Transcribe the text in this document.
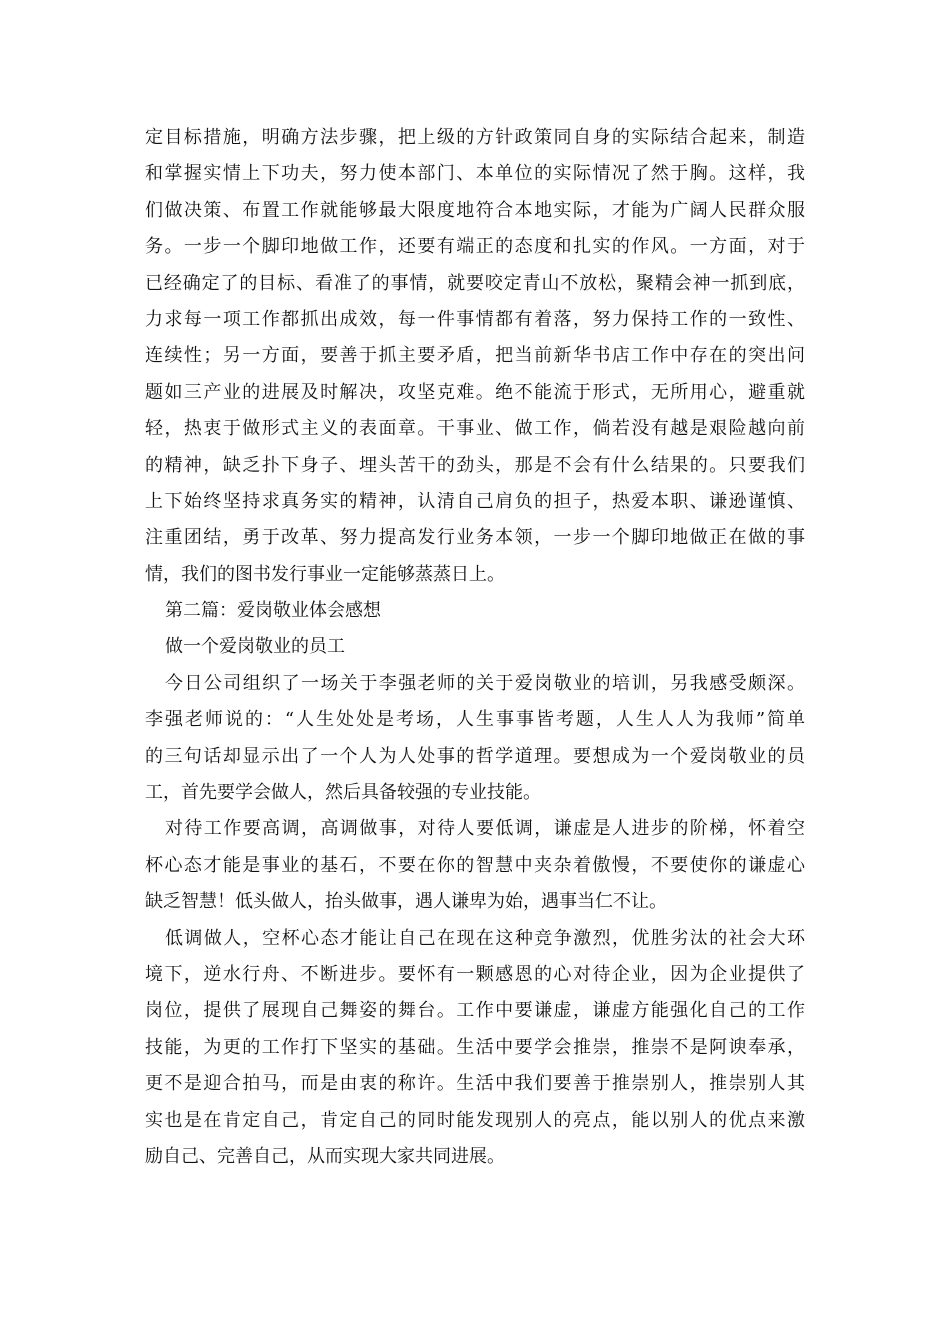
定目标措施，明确方法步骤，把上级的方针政策同自身的实际结合起来，制造
和掌握实情上下功夫，努力使本部门、本单位的实际情况了然于胸。这样，我
们做决策、布置工作就能够最大限度地符合本地实际，才能为广阔人民群众服
务。一步一个脚印地做工作，还要有端正的态度和扎实的作风。一方面，对于
已经确定了的目标、看准了的事情，就要咬定青山不放松，聚精会神一抓到底，
力求每一项工作都抓出成效，每一件事情都有着落，努力保持工作的一致性、
连续性；另一方面，要善于抓主要矛盾，把当前新华书店工作中存在的突出问
题如三产业的进展及时解决，攻坚克难。绝不能流于形式，无所用心，避重就
轻，热衷于做形式主义的表面章。干事业、做工作，倘若没有越是艰险越向前
的精神，缺乏扑下身子、埋头苦干的劲头，那是不会有什么结果的。只要我们
上下始终坚持求真务实的精神，认清自己肩负的担子，热爱本职、谦逊谨慎、
注重团结，勇于改革、努力提高发行业务本领，一步一个脚印地做正在做的事
情，我们的图书发行事业一定能够蒸蒸日上。
第二篇：爱岗敬业体会感想
做一个爱岗敬业的员工
今日公司组织了一场关于李强老师的关于爱岗敬业的培训，另我感受颇深。
李强老师说的：“人生处处是考场，人生事事皆考题，人生人人为我师”简单
的三句话却显示出了一个人为人处事的哲学道理。要想成为一个爱岗敬业的员
工，首先要学会做人，然后具备较强的专业技能。
对待工作要高调，高调做事，对待人要低调，谦虚是人进步的阶梯，怀着空
杯心态才能是事业的基石，不要在你的智慧中夹杂着傲慢，不要使你的谦虚心
缺乏智慧！低头做人，抬头做事，遇人谦卑为始，遇事当仁不让。
低调做人，空杯心态才能让自己在现在这种竞争激烈，优胜劣汰的社会大环
境下，逆水行舟、不断进步。要怀有一颗感恩的心对待企业，因为企业提供了
岗位，提供了展现自己舞姿的舞台。工作中要谦虚，谦虚方能强化自己的工作
技能，为更的工作打下坚实的基础。生活中要学会推崇，推崇不是阿谀奉承，
更不是迎合拍马，而是由衷的称许。生活中我们要善于推崇别人，推崇别人其
实也是在肯定自己，肯定自己的同时能发现别人的亮点，能以别人的优点来激
励自己、完善自己，从而实现大家共同进展。
